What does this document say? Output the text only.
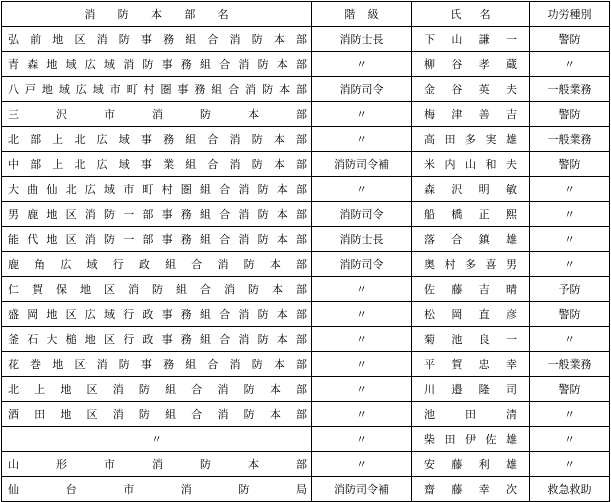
消 防 本 部 名	階 級	氏 名	功労種別
弘前地区消防事務組合消防本部	消防士長	下山謙一	警防
青森地域広域消防事務組合消防本部	〃	柳谷孝蔵	〃
八戸地域広域市町村圏事務組合消防本部	消防司令	金谷英夫	一般業務
三沢市消防本部	〃	梅津善吉	警防
北部上北広域事務組合消防本部	〃	高田多実雄	一般業務
中部上北広域事業組合消防本部	消防司令補	米内山和夫	警防
大曲仙北広域市町村圏組合消防本部	〃	森沢明敏	〃
男鹿地区消防一部事務組合消防本部	消防司令	船橋正熙	〃
能代地区消防一部事務組合消防本部	消防士長	落合鎮雄	〃
鹿角広域行政組合消防本部	消防司令	奥村多喜男	〃
仁賀保地区消防組合消防本部	〃	佐藤吉晴	予防
盛岡地区広域行政事務組合消防本部	〃	松岡直彦	警防
釜石大槌地区行政事務組合消防本部	〃	菊池良一	〃
花巻地区消防事務組合消防本部	〃	平賀忠幸	一般業務
北上地区消防組合消防本部	〃	川邉隆司	警防
酒田地区消防組合消防本部	〃	池田清	〃
〃	〃	柴田伊佐雄	〃
山形市消防本部	〃	安藤利雄	〃
仙台市消防局	消防司令補	齋藤幸次	救急救助
